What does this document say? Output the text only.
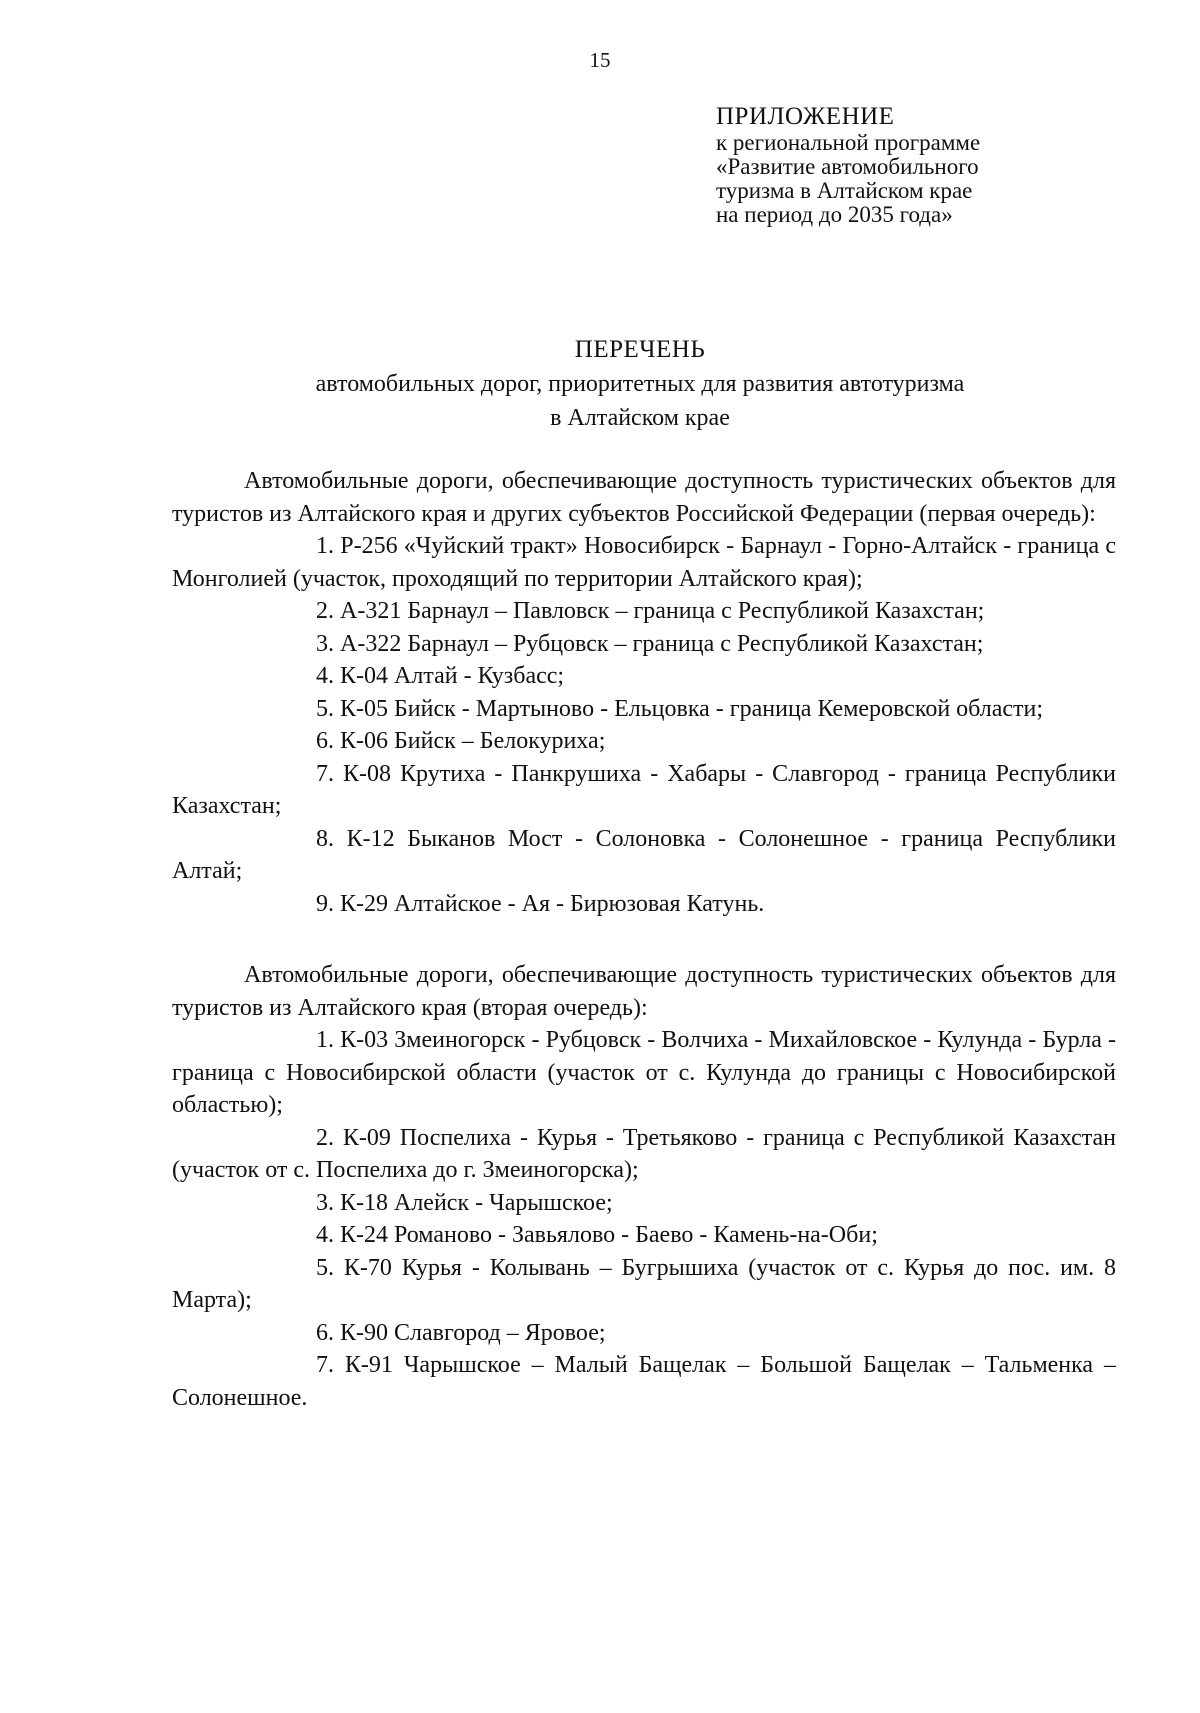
15
ПРИЛОЖЕНИЕ
к региональной программе
«Развитие автомобильного
туризма в Алтайском крае
на период до 2035 года»
ПЕРЕЧЕНЬ
автомобильных дорог, приоритетных для развития автотуризма
в Алтайском крае

Автомобильные дороги, обеспечивающие доступность туристических объектов для туристов из Алтайского края и других субъектов Российской Федерации (первая очередь):

1. Р-256 «Чуйский тракт» Новосибирск - Барнаул - Горно-Алтайск - граница с Монголией (участок, проходящий по территории Алтайского края);

2. А-321 Барнаул – Павловск – граница с Республикой Казахстан;

3. А-322 Барнаул – Рубцовск – граница с Республикой Казахстан;

4. К-04 Алтай - Кузбасс;

5. К-05 Бийск - Мартыново - Ельцовка - граница Кемеровской области;

6. К-06 Бийск – Белокуриха;

7. К-08 Крутиха - Панкрушиха - Хабары - Славгород - граница Республики Казахстан;

8. К-12 Быканов Мост - Солоновка - Солонешное - граница Республики Алтай;

9. К-29 Алтайское - Ая - Бирюзовая Катунь.

Автомобильные дороги, обеспечивающие доступность туристических объектов для туристов из Алтайского края (вторая очередь):

1. К-03 Змеиногорск - Рубцовск - Волчиха - Михайловское - Кулунда - Бурла - граница с Новосибирской области (участок от с. Кулунда до границы с Новосибирской областью);

2. К-09 Поспелиха - Курья - Третьяково - граница с Республикой Казахстан (участок от с. Поспелиха до г. Змеиногорска);

3. К-18 Алейск - Чарышское;

4. К-24 Романово - Завьялово - Баево - Камень-на-Оби;

5. К-70 Курья - Колывань – Бугрышиха (участок от с. Курья до пос. им. 8 Марта);

6. К-90 Славгород – Яровое;

7. К-91 Чарышское – Малый Бащелак – Большой Бащелак – Тальменка – Солонешное.
